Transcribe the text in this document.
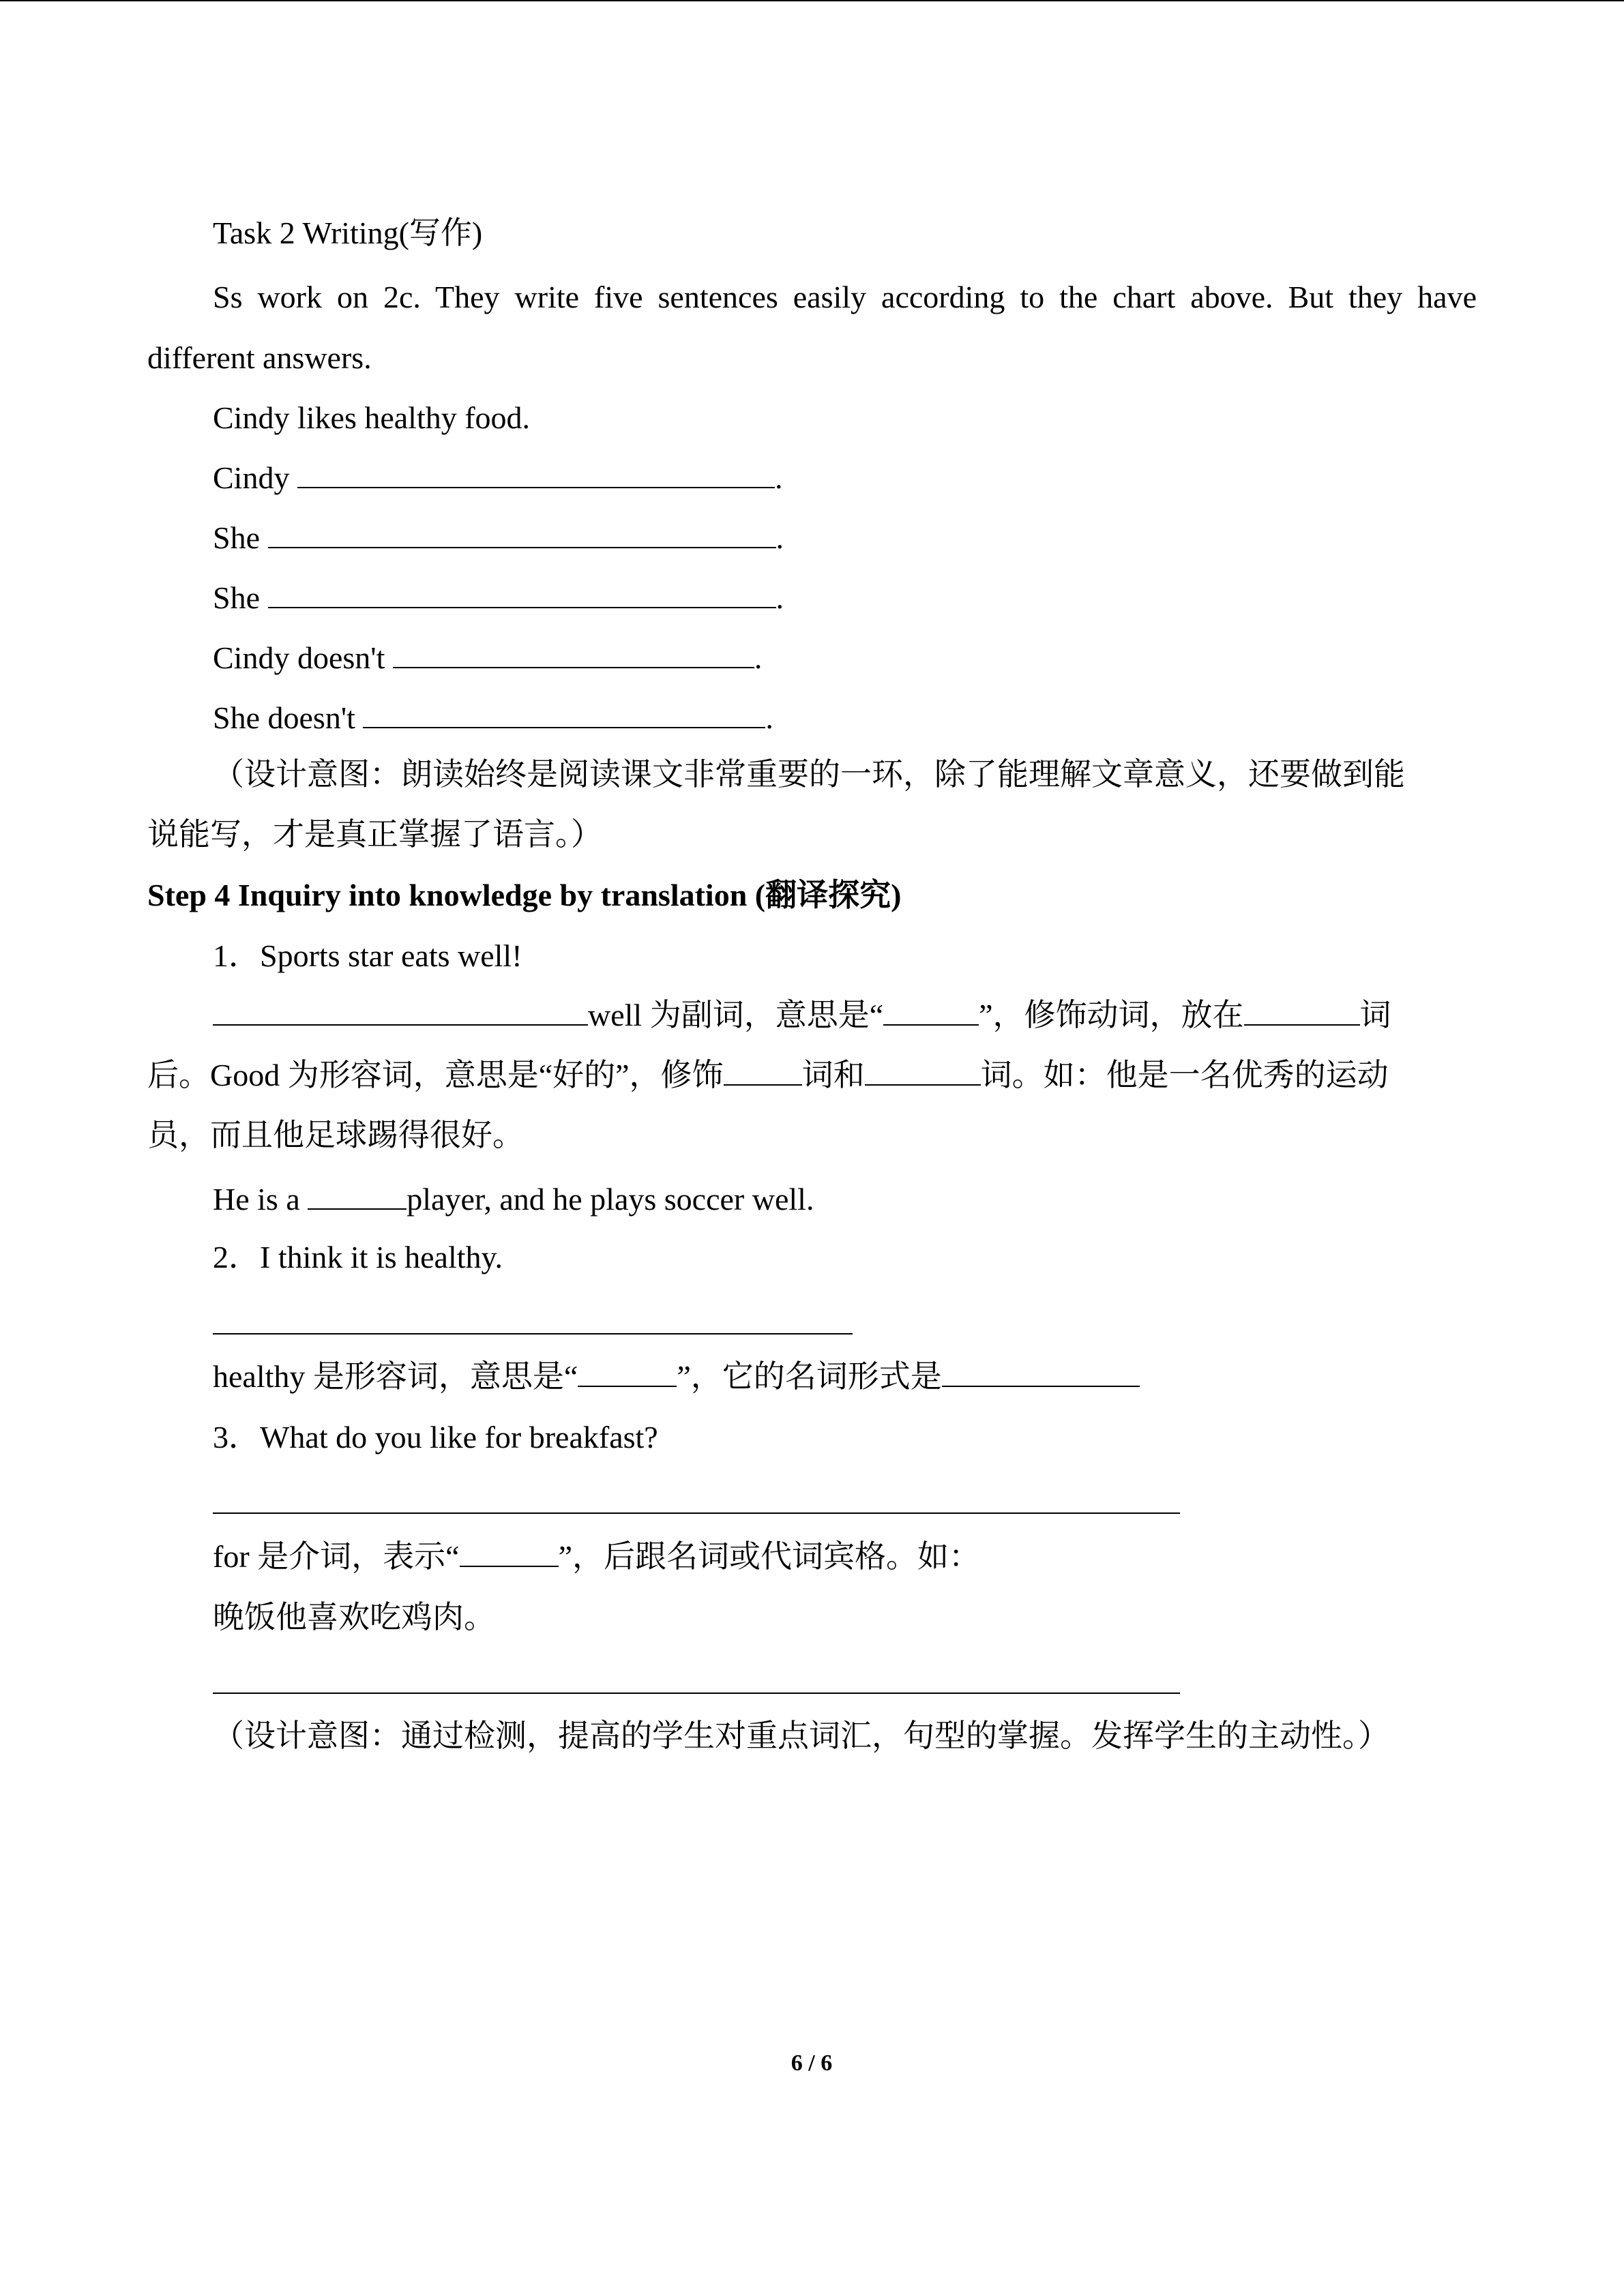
Task 2 Writing(写作)
Ss work on 2c. They write five sentences easily according to the chart above. But they have
different answers.
Cindy likes healthy food.
Cindy	.
She	.
She	.
Cindy doesn't	.
She doesn't	.
（设计意图：朗读始终是阅读课文非常重要的一环，除了能理解文章意义，还要做到能
说能写，才是真正掌握了语言。）
Step 4 Inquiry into knowledge by translation (翻译探究)
1．Sports star eats well!
well 为副词，意思是“	”，修饰动词，放在	词
后。Good 为形容词，意思是“好的”，修饰	词和	词。如：他是一名优秀的运动
员，而且他足球踢得很好。
He is a	player, and he plays soccer well.
2．I think it is healthy.
healthy 是形容词，意思是“	”，它的名词形式是
3．What do you like for breakfast?
for 是介词，表示“	”，后跟名词或代词宾格。如：
晚饭他喜欢吃鸡肉。
（设计意图：通过检测，提高的学生对重点词汇，句型的掌握。发挥学生的主动性。）
6 / 6
